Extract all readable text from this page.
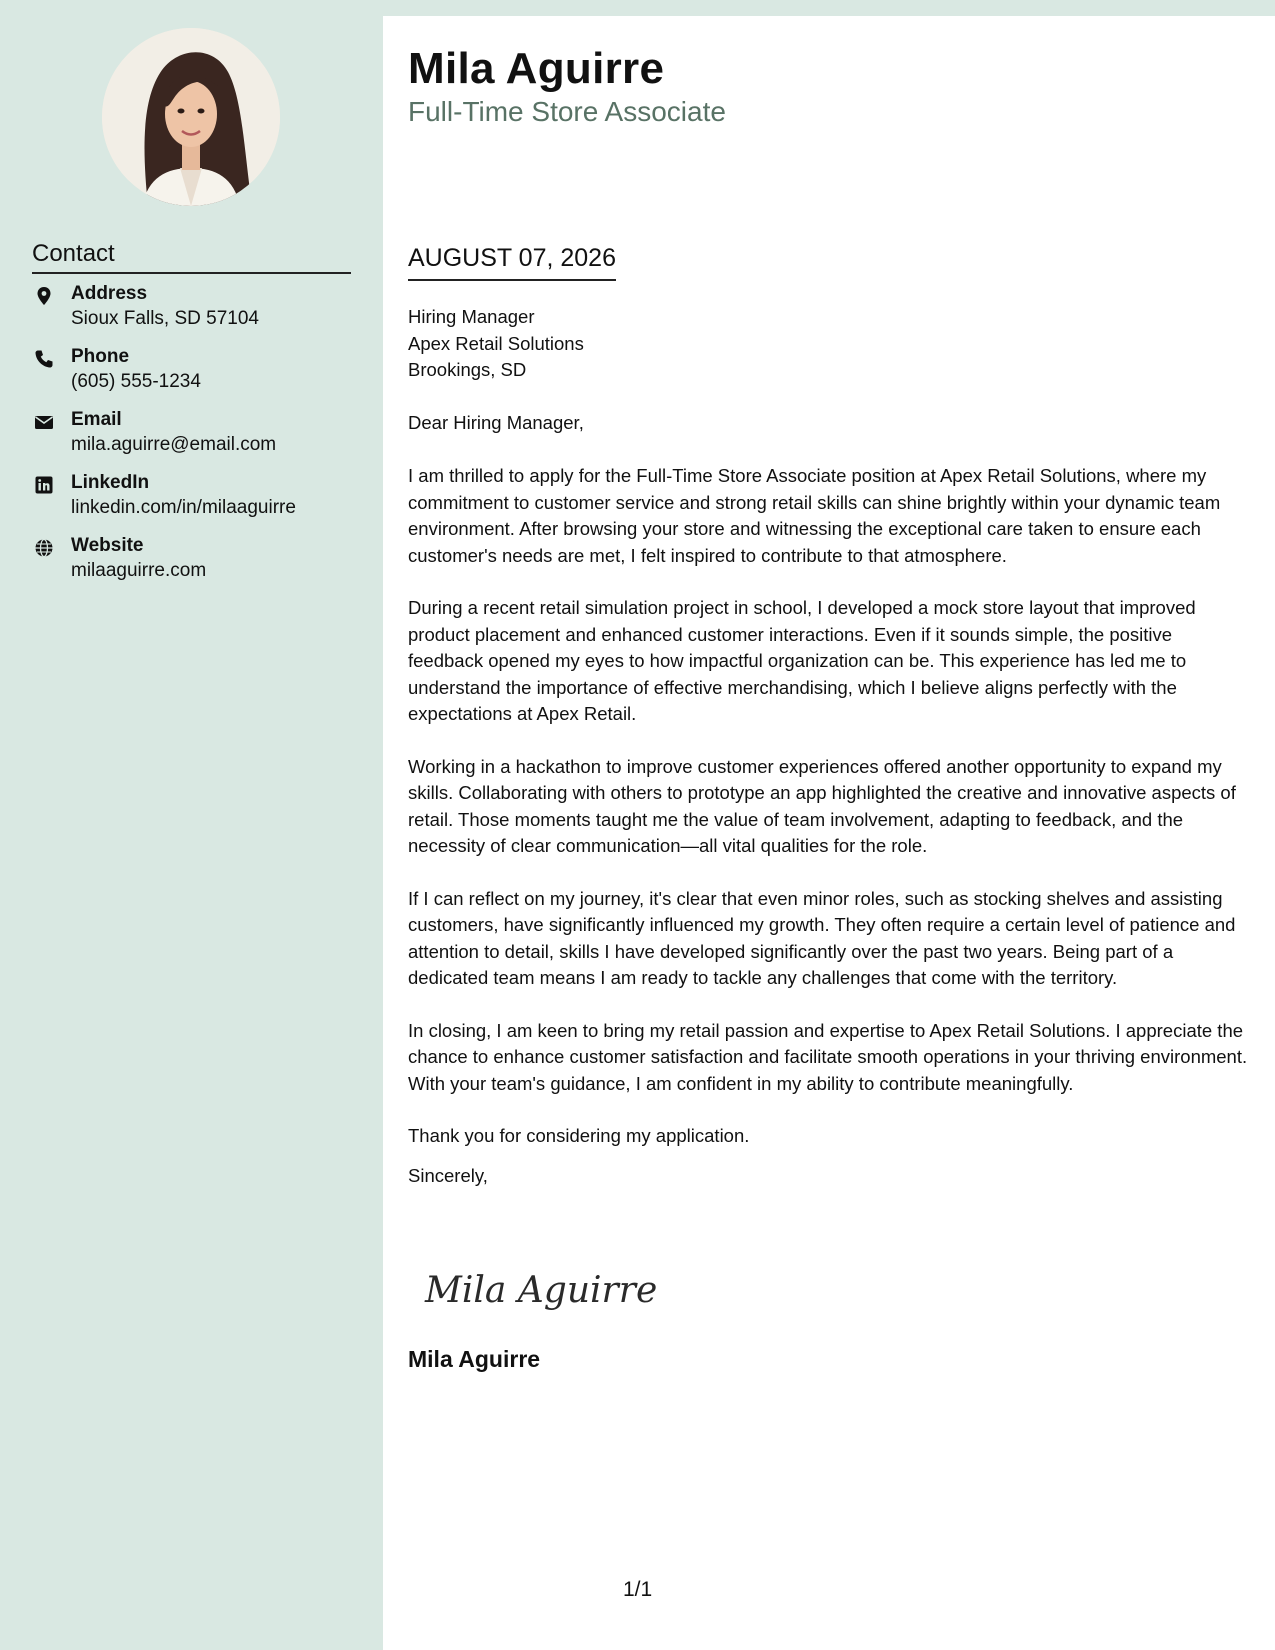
Contact
Address
Sioux Falls, SD 57104
Phone
(605) 555-1234
Email
mila.aguirre@email.com
LinkedIn
linkedin.com/in/milaaguirre
Website
milaaguirre.com
Mila Aguirre
Full-Time Store Associate
AUGUST 07, 2026
Hiring Manager
Apex Retail Solutions
Brookings, SD
Dear Hiring Manager,

I am thrilled to apply for the Full-Time Store Associate position at Apex Retail Solutions, where my commitment to customer service and strong retail skills can shine brightly within your dynamic team environment. After browsing your store and witnessing the exceptional care taken to ensure each customer's needs are met, I felt inspired to contribute to that atmosphere.

During a recent retail simulation project in school, I developed a mock store layout that improved product placement and enhanced customer interactions. Even if it sounds simple, the positive feedback opened my eyes to how impactful organization can be. This experience has led me to understand the importance of effective merchandising, which I believe aligns perfectly with the expectations at Apex Retail.

Working in a hackathon to improve customer experiences offered another opportunity to expand my skills. Collaborating with others to prototype an app highlighted the creative and innovative aspects of retail. Those moments taught me the value of team involvement, adapting to feedback, and the necessity of clear communication—all vital qualities for the role.

If I can reflect on my journey, it's clear that even minor roles, such as stocking shelves and assisting customers, have significantly influenced my growth. They often require a certain level of patience and attention to detail, skills I have developed significantly over the past two years. Being part of a dedicated team means I am ready to tackle any challenges that come with the territory.

In closing, I am keen to bring my retail passion and expertise to Apex Retail Solutions. I appreciate the chance to enhance customer satisfaction and facilitate smooth operations in your thriving environment. With your team's guidance, I am confident in my ability to contribute meaningfully.

Thank you for considering my application.

Sincerely,
Mila Aguirre
Mila Aguirre
1/1
